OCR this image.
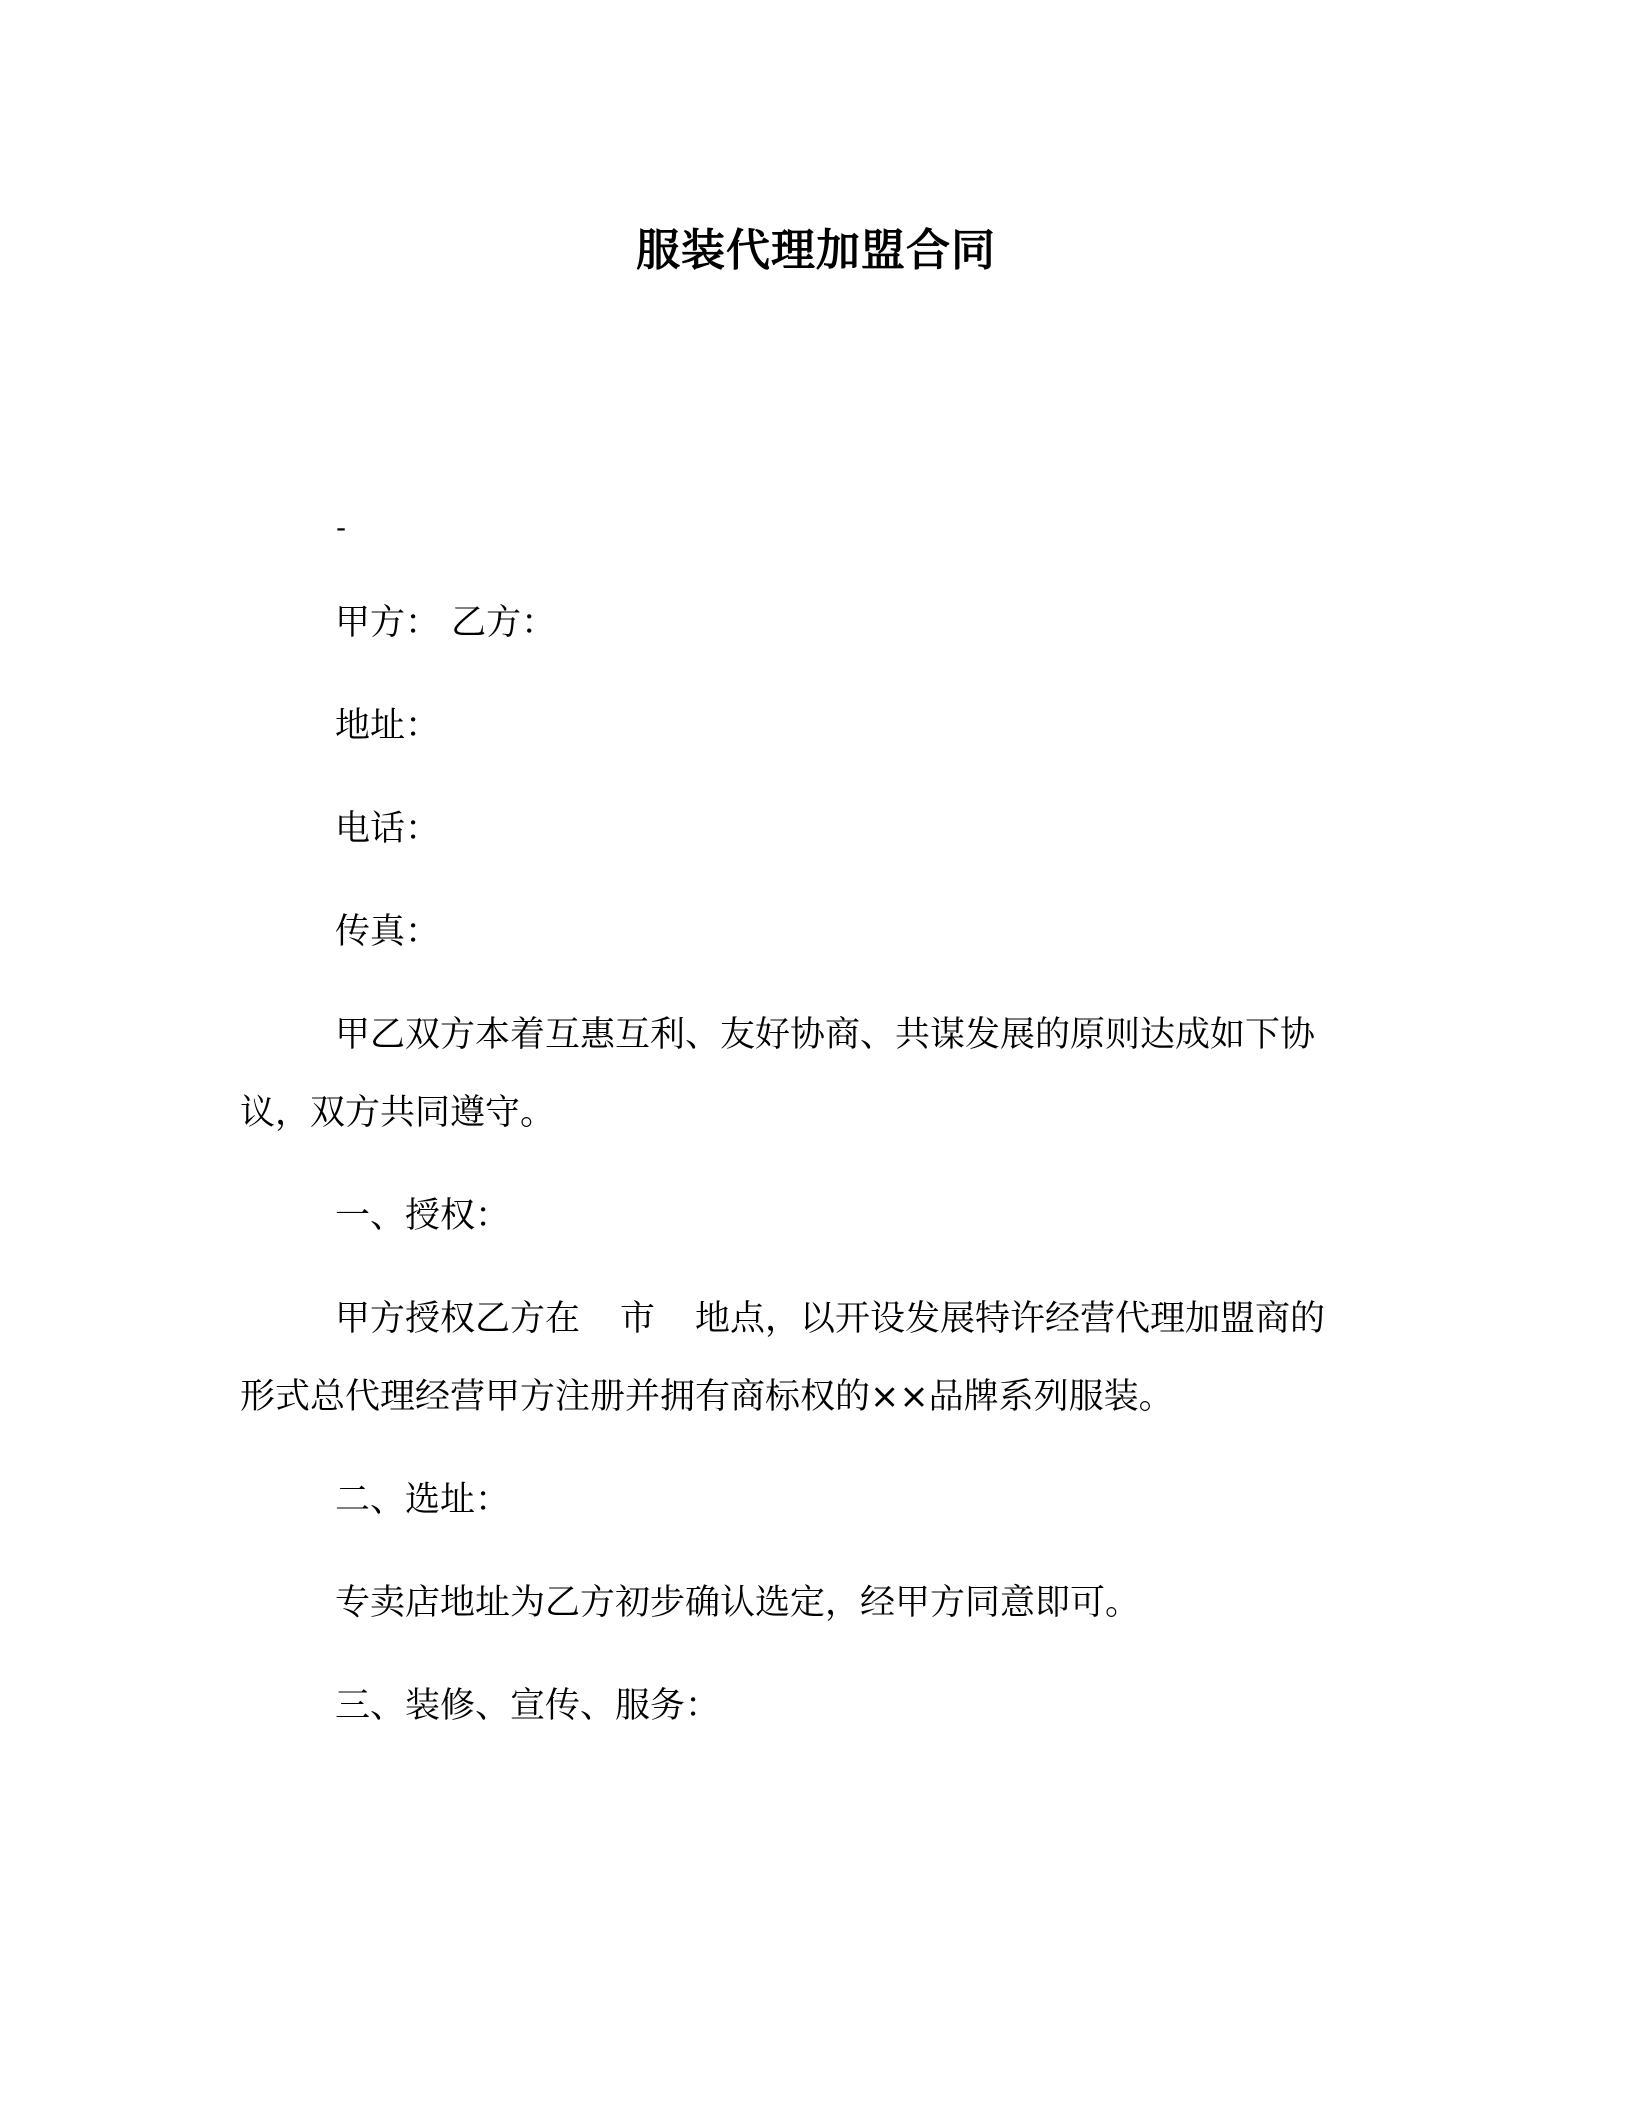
服装代理加盟合同
-
甲方： 乙方：
地址：
电话：
传真：
甲乙双方本着互惠互利、友好协商、共谋发展的原则达成如下协
议，双方共同遵守。
一、授权：
甲方授权乙方在 市 地点，以开设发展特许经营代理加盟商的
形式总代理经营甲方注册并拥有商标权的××品牌系列服装。
二、选址：
专卖店地址为乙方初步确认选定，经甲方同意即可。
三、装修、宣传、服务：
